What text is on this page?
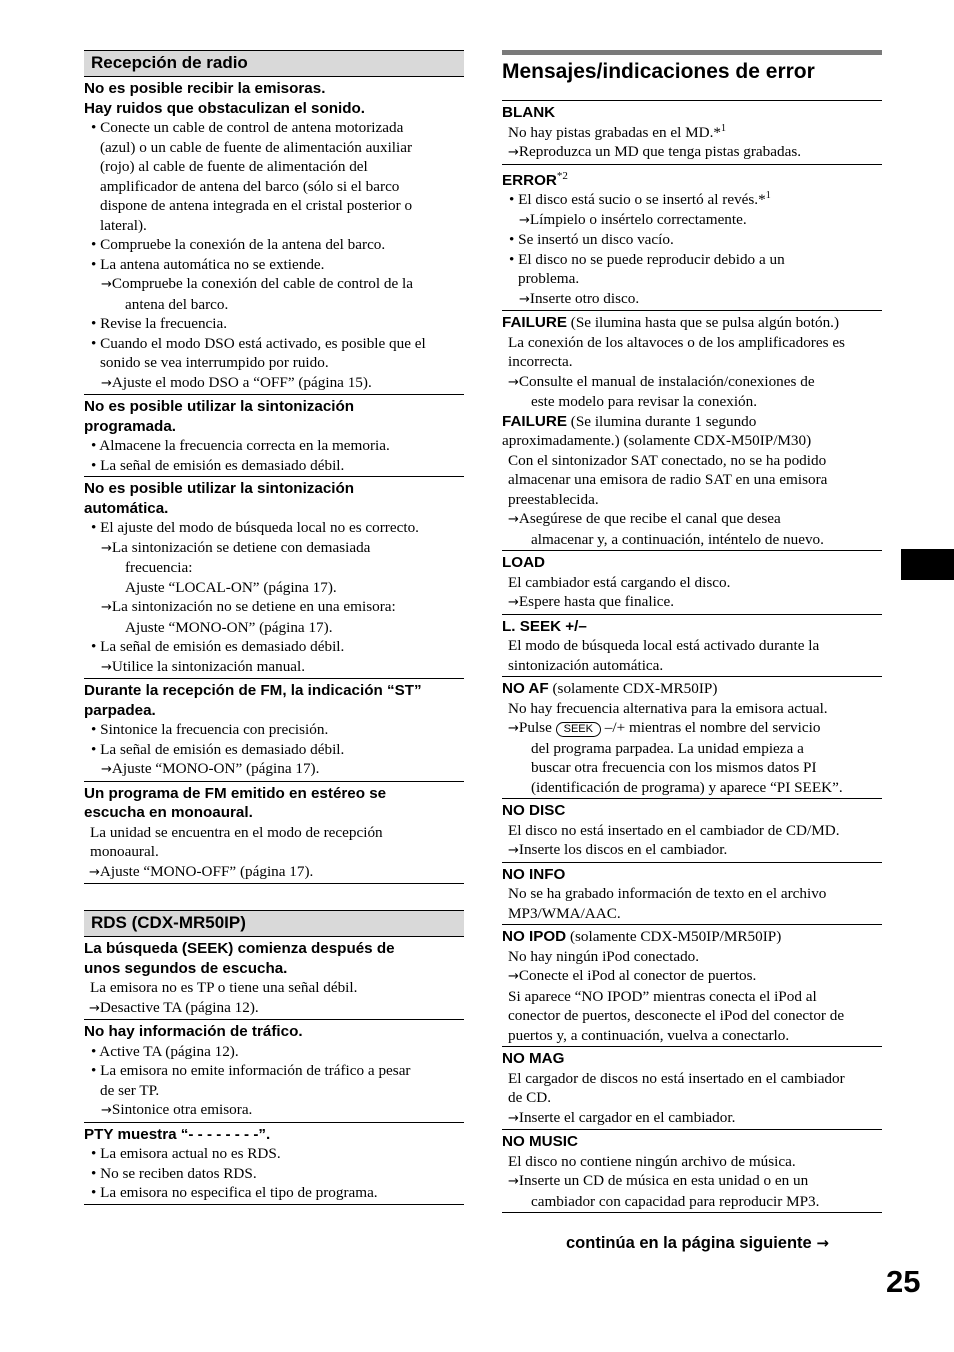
Recepción de radio
No es posible recibir la emisoras.
Hay ruidos que obstaculizan el sonido.
• Conecte un cable de control de antena motorizada
(azul) o un cable de fuente de alimentación auxiliar
(rojo) al cable de fuente de alimentación del
amplificador de antena del barco (sólo si el barco
dispone de antena integrada en el cristal posterior o
lateral).
• Compruebe la conexión de la antena del barco.
• La antena automática no se extiende.
→Compruebe la conexión del cable de control de la
antena del barco.
• Revise la frecuencia.
• Cuando el modo DSO está activado, es posible que el
sonido se vea interrumpido por ruido.
→Ajuste el modo DSO a “OFF” (página 15).
No es posible utilizar la sintonización
programada.
• Almacene la frecuencia correcta en la memoria.
• La señal de emisión es demasiado débil.
No es posible utilizar la sintonización
automática.
• El ajuste del modo de búsqueda local no es correcto.
→La sintonización se detiene con demasiada
frecuencia:
Ajuste “LOCAL-ON” (página 17).
→La sintonización no se detiene en una emisora:
Ajuste “MONO-ON” (página 17).
• La señal de emisión es demasiado débil.
→Utilice la sintonización manual.
Durante la recepción de FM, la indicación “ST”
parpadea.
• Sintonice la frecuencia con precisión.
• La señal de emisión es demasiado débil.
→Ajuste “MONO-ON” (página 17).
Un programa de FM emitido en estéreo se
escucha en monoaural.
La unidad se encuentra en el modo de recepción
monoaural.
→Ajuste “MONO-OFF” (página 17).
RDS (CDX-MR50IP)
La búsqueda (SEEK) comienza después de
unos segundos de escucha.
La emisora no es TP o tiene una señal débil.
→Desactive TA (página 12).
No hay información de tráfico.
• Active TA (página 12).
• La emisora no emite información de tráfico a pesar
de ser TP.
→Sintonice otra emisora.
PTY muestra “- - - - - - - -”.
• La emisora actual no es RDS.
• No se reciben datos RDS.
• La emisora no especifica el tipo de programa.
Mensajes/indicaciones de error
BLANK
No hay pistas grabadas en el MD.*$^1$
→Reproduzca un MD que tenga pistas grabadas.
ERROR$^{*2}$
• El disco está sucio o se insertó al revés.*$^1$
→Límpielo o insértelo correctamente.
• Se insertó un disco vacío.
• El disco no se puede reproducir debido a un
problema.
→Inserte otro disco.
FAILURE (Se ilumina hasta que se pulsa algún botón.)
La conexión de los altavoces o de los amplificadores es
incorrecta.
→Consulte el manual de instalación/conexiones de
este modelo para revisar la conexión.
FAILURE (Se ilumina durante 1 segundo
aproximadamente.) (solamente CDX-M50IP/M30)
Con el sintonizador SAT conectado, no se ha podido
almacenar una emisora de radio SAT en una emisora
preestablecida.
→Asegúrese de que recibe el canal que desea
almacenar y, a continuación, inténtelo de nuevo.
LOAD
El cambiador está cargando el disco.
→Espere hasta que finalice.
L. SEEK +/–
El modo de búsqueda local está activado durante la
sintonización automática.
NO AF (solamente CDX-MR50IP)
No hay frecuencia alternativa para la emisora actual.
→Pulse SEEK –/+ mientras el nombre del servicio
del programa parpadea. La unidad empieza a
buscar otra frecuencia con los mismos datos PI
(identificación de programa) y aparece “PI SEEK”.
NO DISC
El disco no está insertado en el cambiador de CD/MD.
→Inserte los discos en el cambiador.
NO INFO
No se ha grabado información de texto en el archivo
MP3/WMA/AAC.
NO IPOD (solamente CDX-M50IP/MR50IP)
No hay ningún iPod conectado.
→Conecte el iPod al conector de puertos.
Si aparece “NO IPOD” mientras conecta el iPod al
conector de puertos, desconecte el iPod del conector de
puertos y, a continuación, vuelva a conectarlo.
NO MAG
El cargador de discos no está insertado en el cambiador
de CD.
→Inserte el cargador en el cambiador.
NO MUSIC
El disco no contiene ningún archivo de música.
→Inserte un CD de música en esta unidad o en un
cambiador con capacidad para reproducir MP3.
continúa en la página siguiente →
25
